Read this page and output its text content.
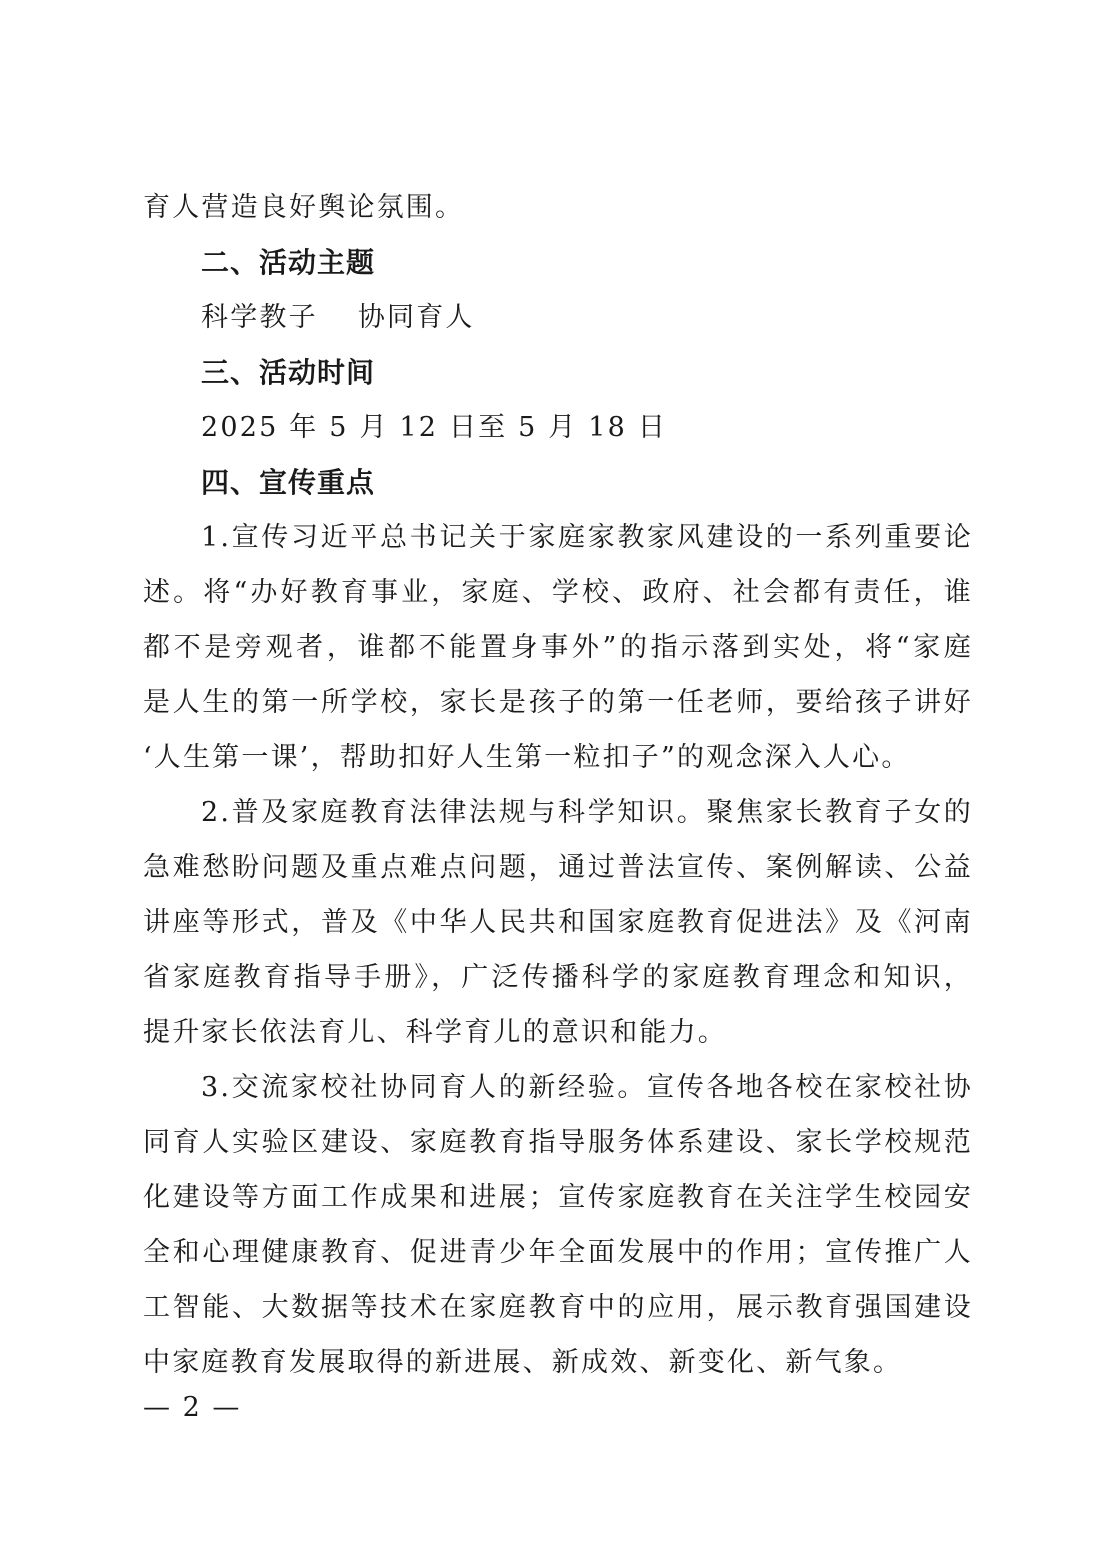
育人营造良好舆论氛围。
二、活动主题
科学教子 协同育人
三、活动时间
2025 年 5 月 12 日至 5 月 18 日
四、宣传重点
1.宣传习近平总书记关于家庭家教家风建设的一系列重要论
述。将“办好教育事业，家庭、学校、政府、社会都有责任，谁
都不是旁观者，谁都不能置身事外”的指示落到实处，将“家庭
是人生的第一所学校，家长是孩子的第一任老师，要给孩子讲好
‘人生第一课’，帮助扣好人生第一粒扣子”的观念深入人心。
2.普及家庭教育法律法规与科学知识。聚焦家长教育子女的
急难愁盼问题及重点难点问题，通过普法宣传、案例解读、公益
讲座等形式，普及《中华人民共和国家庭教育促进法》及《河南
省家庭教育指导手册》，广泛传播科学的家庭教育理念和知识，
提升家长依法育儿、科学育儿的意识和能力。
3.交流家校社协同育人的新经验。宣传各地各校在家校社协
同育人实验区建设、家庭教育指导服务体系建设、家长学校规范
化建设等方面工作成果和进展；宣传家庭教育在关注学生校园安
全和心理健康教育、促进青少年全面发展中的作用；宣传推广人
工智能、大数据等技术在家庭教育中的应用，展示教育强国建设
中家庭教育发展取得的新进展、新成效、新变化、新气象。
— 2 —
